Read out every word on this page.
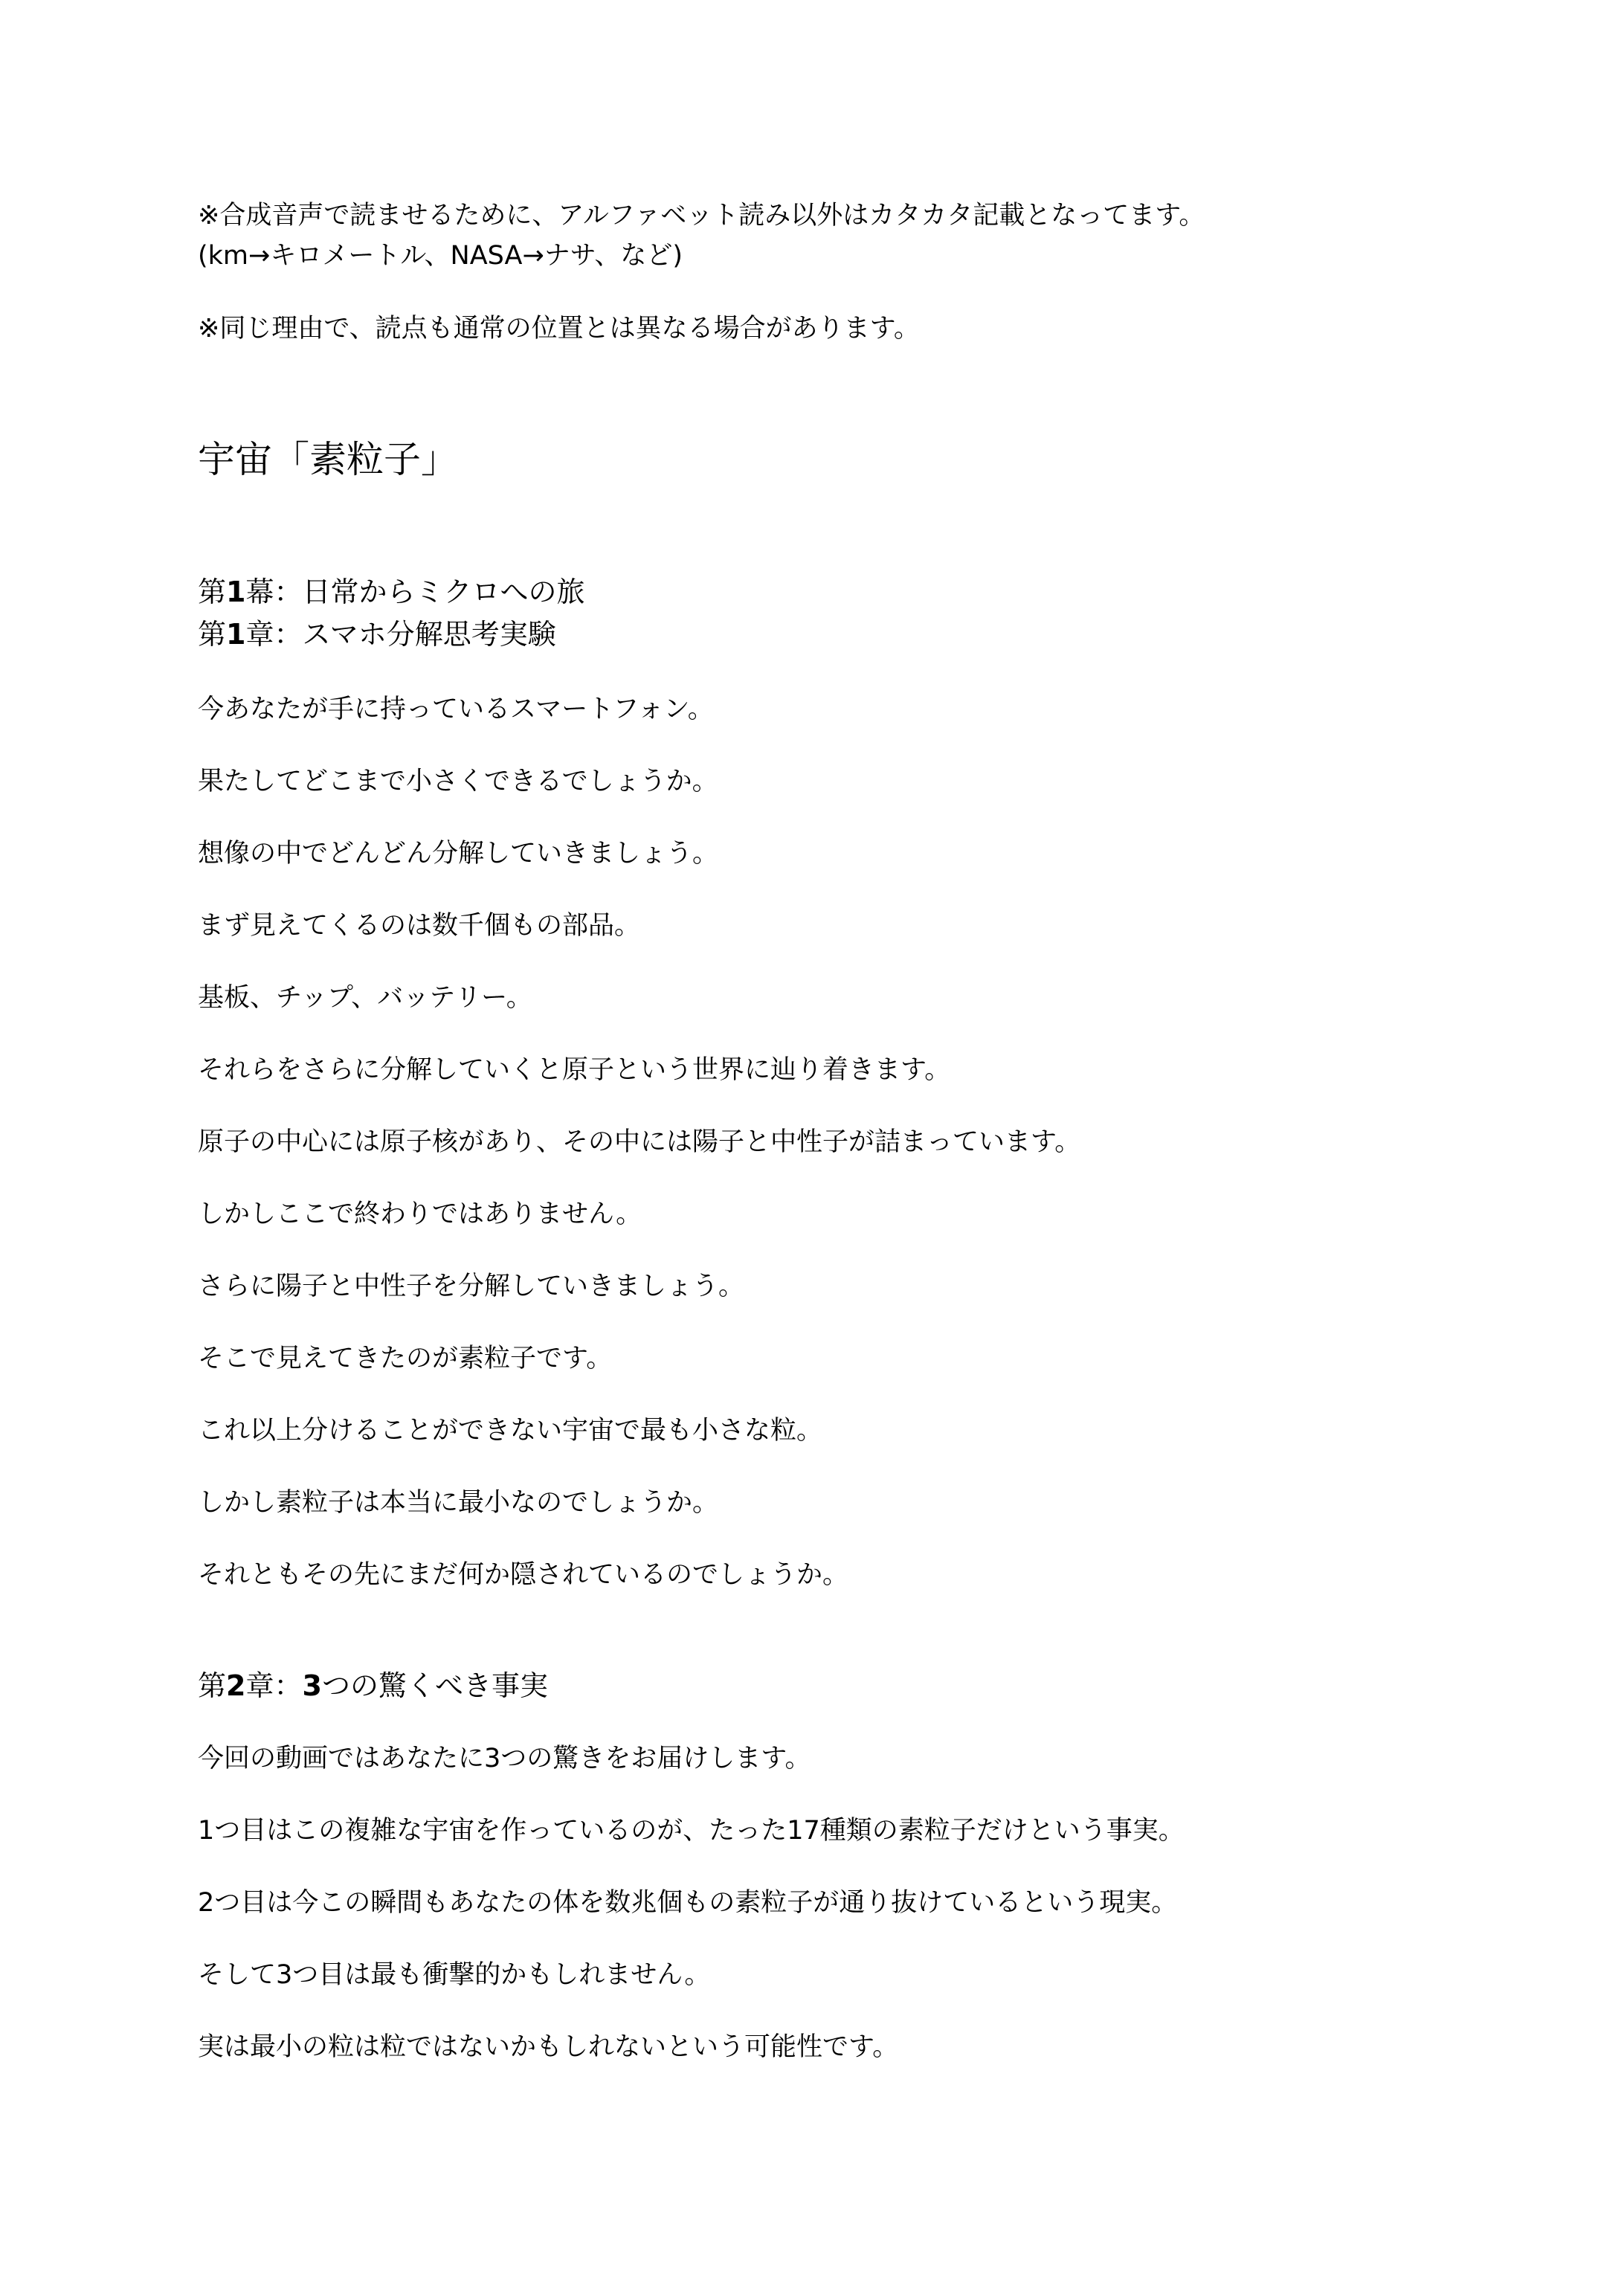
※合成音声で読ませるために、アルファベット読み以外はカタカタ記載となってます。
(km→キロメートル、NASA→ナサ、など)
※同じ理由で、読点も通常の位置とは異なる場合があります。
宇宙「素粒子」
第1幕：日常からミクロへの旅
第1章：スマホ分解思考実験
今あなたが手に持っているスマートフォン。
果たしてどこまで小さくできるでしょうか。
想像の中でどんどん分解していきましょう。
まず見えてくるのは数千個もの部品。
基板、チップ、バッテリー。
それらをさらに分解していくと原子という世界に辿り着きます。
原子の中心には原子核があり、その中には陽子と中性子が詰まっています。
しかしここで終わりではありません。
さらに陽子と中性子を分解していきましょう。
そこで見えてきたのが素粒子です。
これ以上分けることができない宇宙で最も小さな粒。
しかし素粒子は本当に最小なのでしょうか。
それともその先にまだ何か隠されているのでしょうか。
第2章：3つの驚くべき事実
今回の動画ではあなたに3つの驚きをお届けします。
1つ目はこの複雑な宇宙を作っているのが、たった17種類の素粒子だけという事実。
2つ目は今この瞬間もあなたの体を数兆個もの素粒子が通り抜けているという現実。
そして3つ目は最も衝撃的かもしれません。
実は最小の粒は粒ではないかもしれないという可能性です。
